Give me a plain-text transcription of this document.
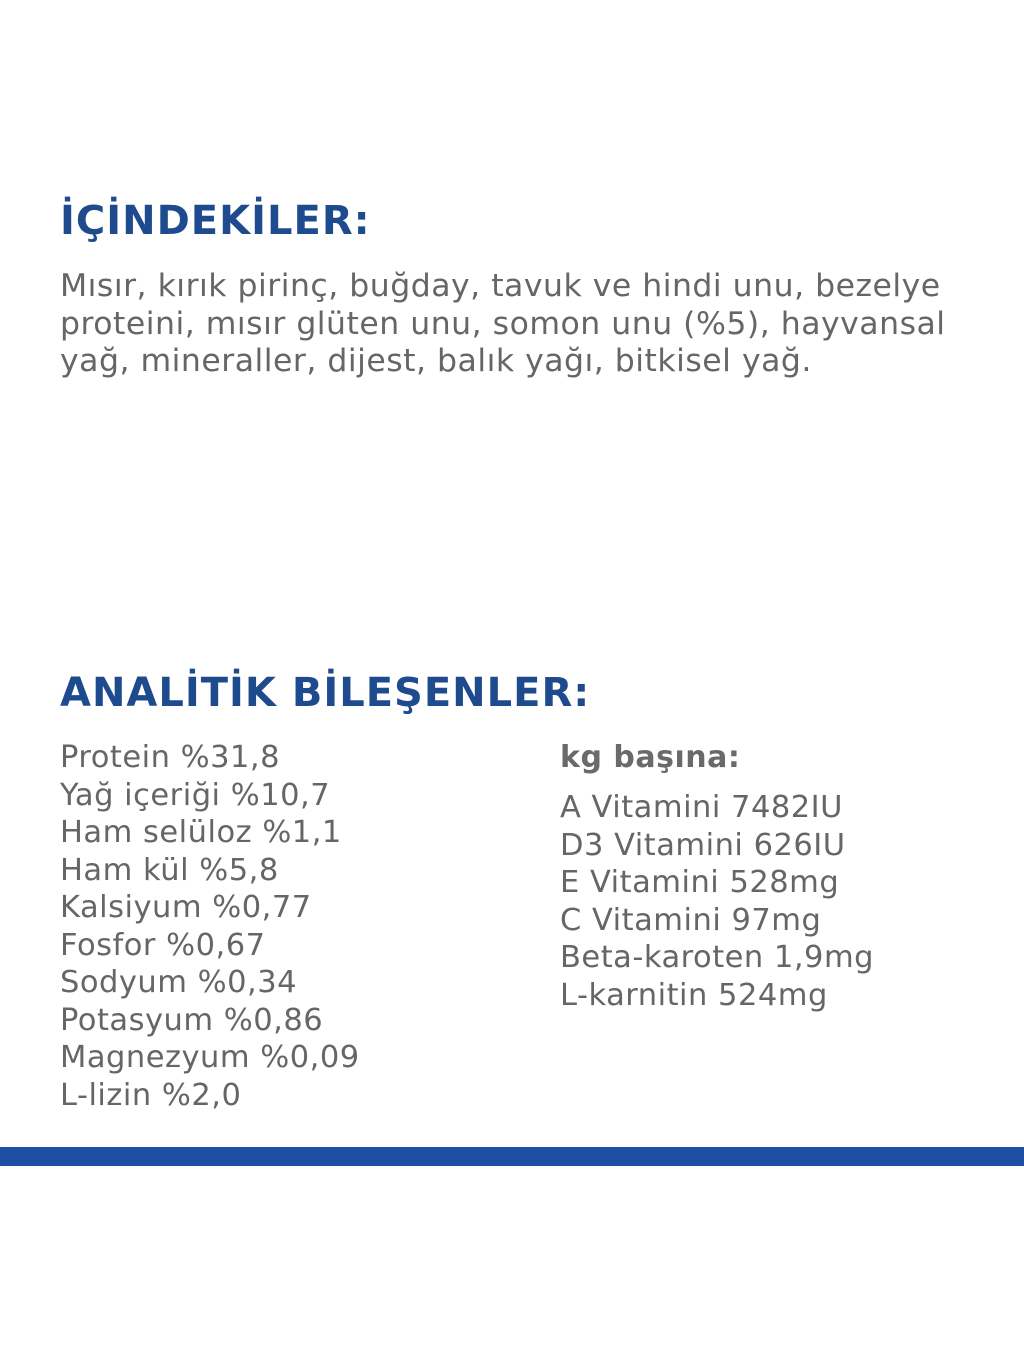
İÇİNDEKİLER:

Mısır, kırık pirinç, buğday, tavuk ve hindi unu, bezelye proteini, mısır glüten unu, somon unu (%5), hayvansal yağ, mineraller, dijest, balık yağı, bitkisel yağ.

ANALİTİK BİLEŞENLER:
Protein %31,8
Yağ içeriği %10,7
Ham selüloz %1,1
Ham kül %5,8
Kalsiyum %0,77
Fosfor %0,67
Sodyum %0,34
Potasyum %0,86
Magnezyum %0,09
L-lizin %2,0
kg başına:
A Vitamini 7482IU
D3 Vitamini 626IU
E Vitamini 528mg
C Vitamini 97mg
Beta-karoten 1,9mg
L-karnitin 524mg
